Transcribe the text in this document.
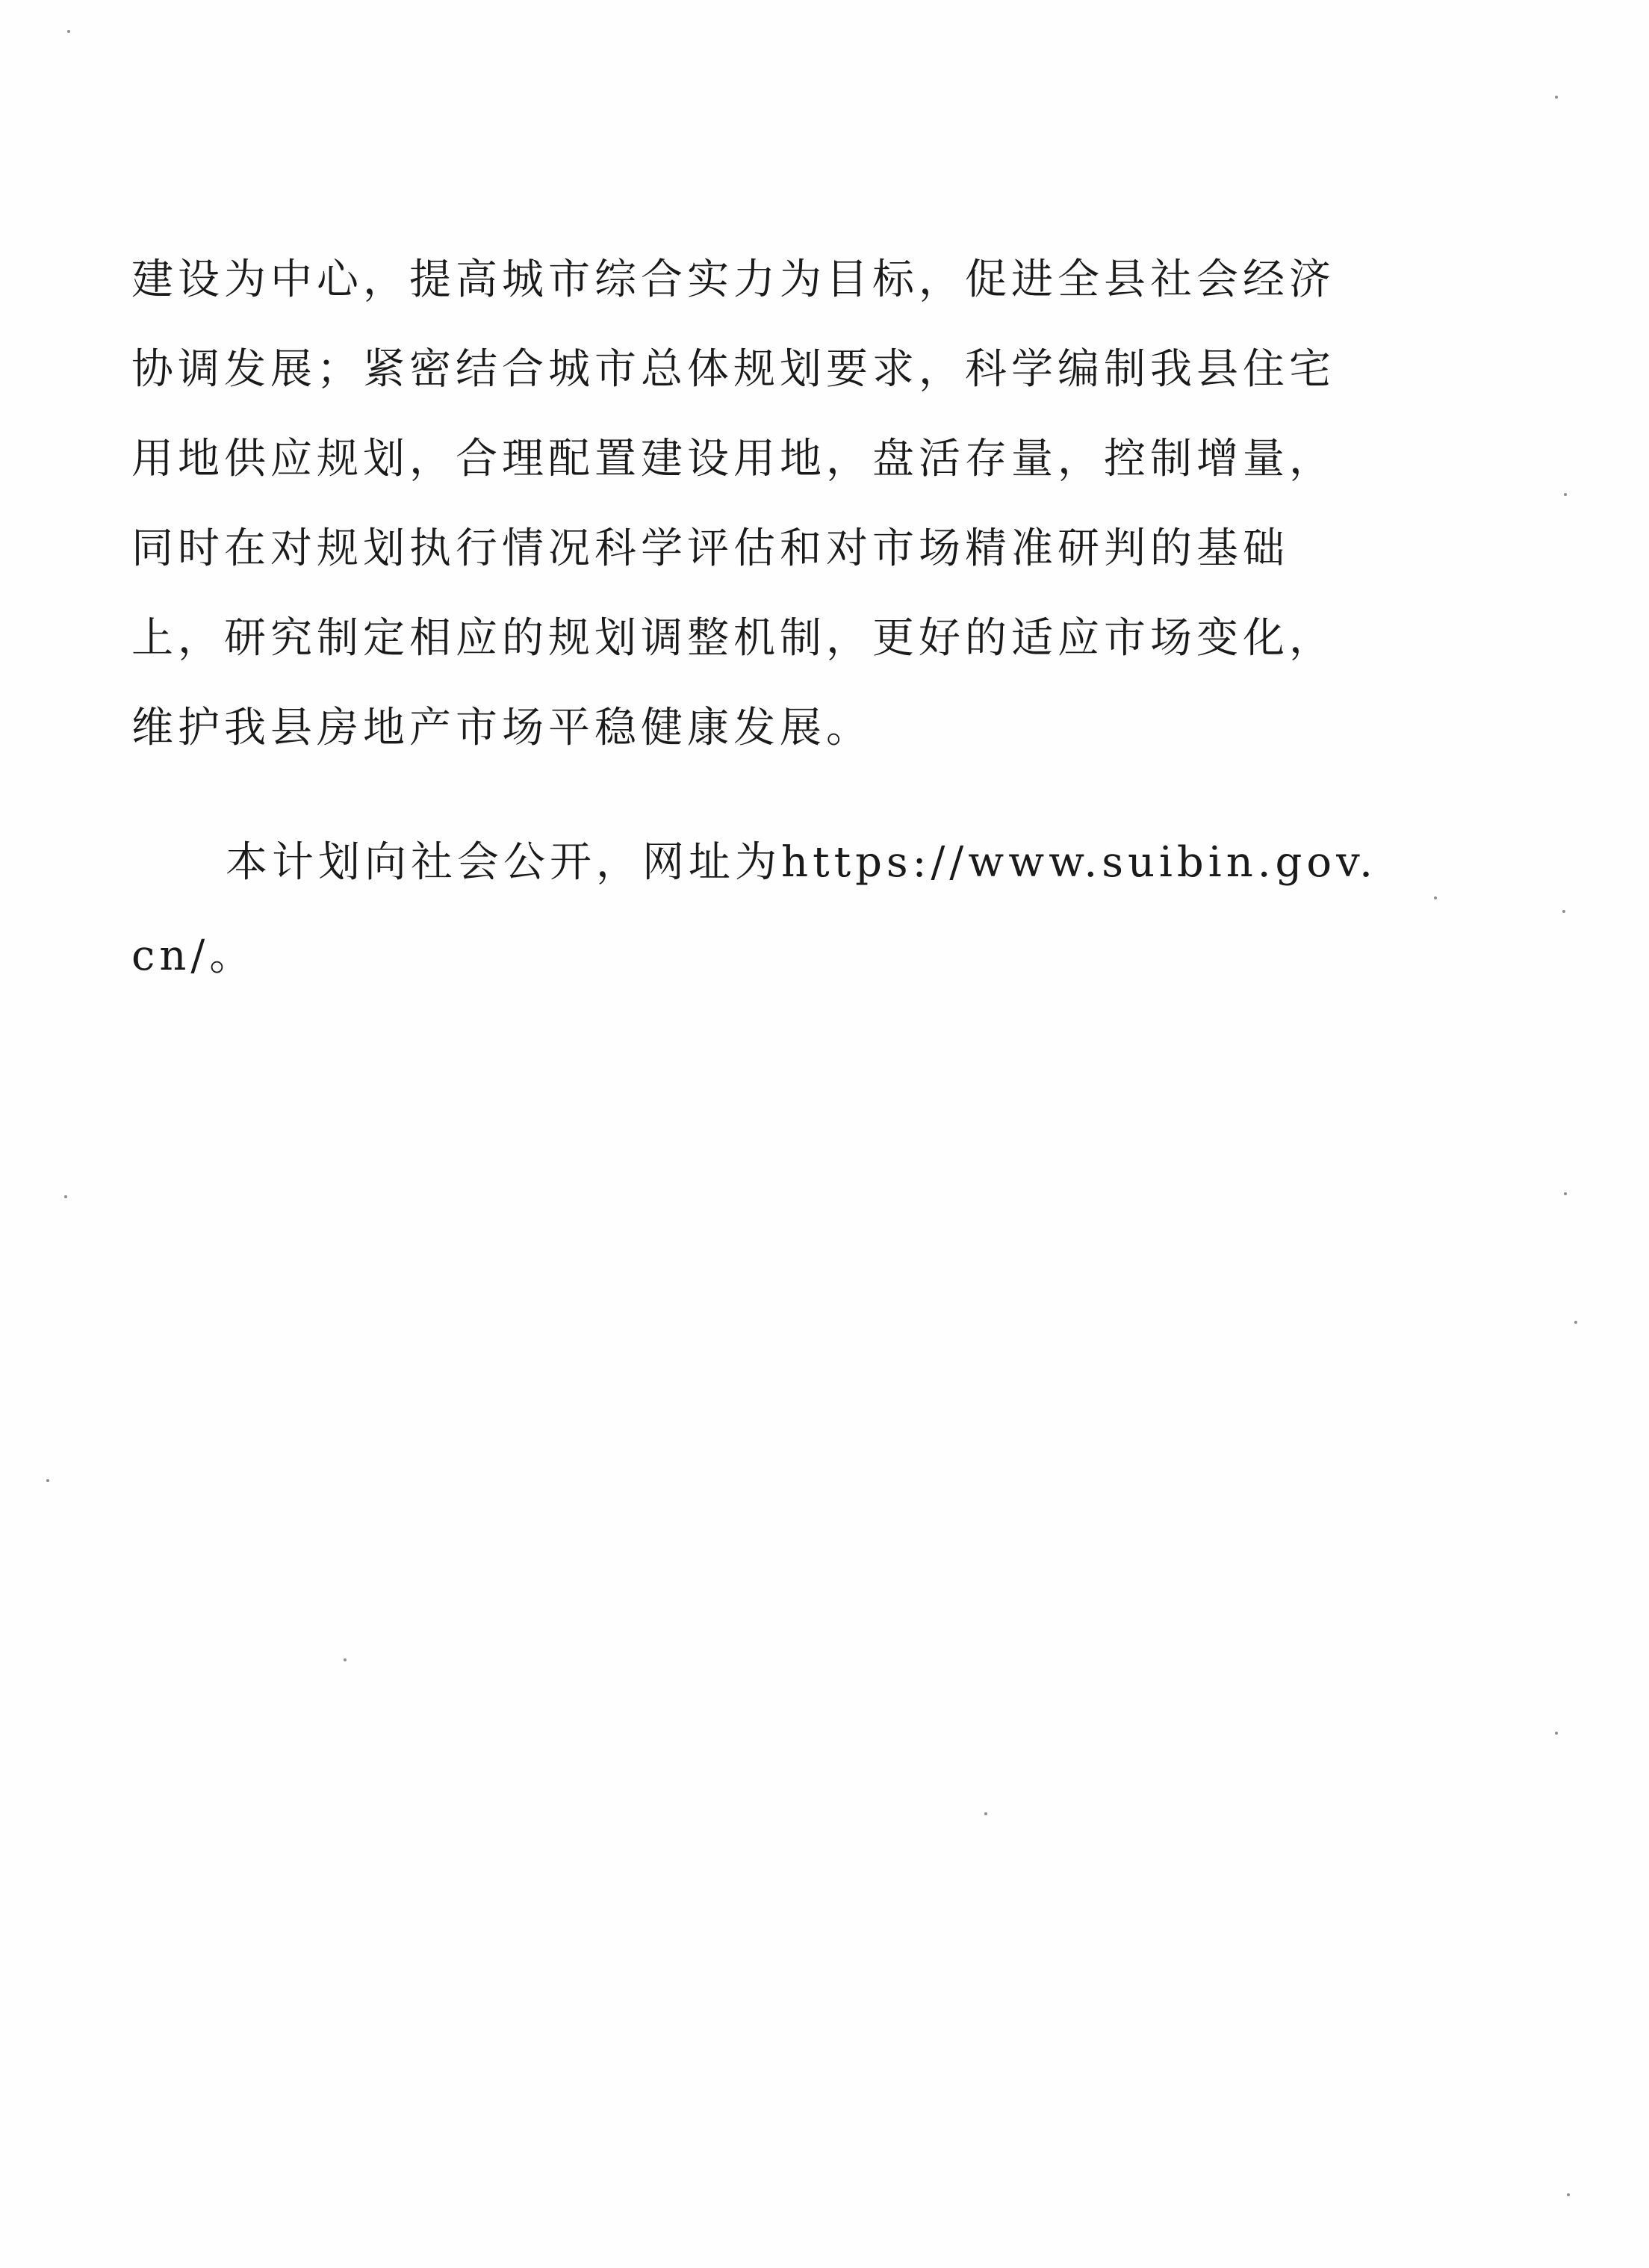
建设为中心，提高城市综合实力为目标，促进全县社会经济
协调发展；紧密结合城市总体规划要求，科学编制我县住宅
用地供应规划，合理配置建设用地，盘活存量，控制增量，
同时在对规划执行情况科学评估和对市场精准研判的基础
上，研究制定相应的规划调整机制，更好的适应市场变化，
维护我县房地产市场平稳健康发展。
本计划向社会公开，网址为https://www.suibin.gov.
cn/。
